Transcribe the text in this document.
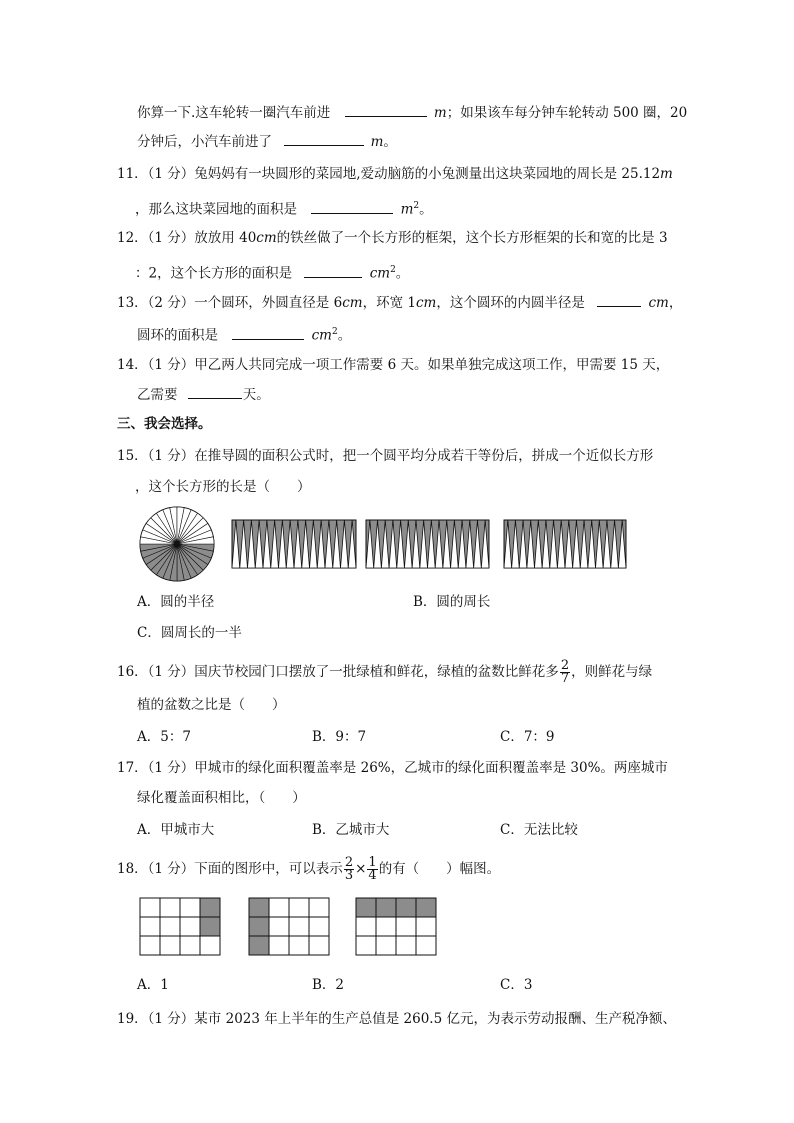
你算一下.这车轮转一圈汽车前进	m；如果该车每分钟车轮转动 500 圈，20
分钟后，小汽车前进了	m。
11．（1 分）兔妈妈有一块圆形的菜园地,爱动脑筋的小兔测量出这块菜园地的周长是 25.12m
，那么这块菜园地的面积是	$m^2$。
12．（1 分）放放用 40cm的铁丝做了一个长方形的框架，这个长方形框架的长和宽的比是 3
：2，这个长方形的面积是	$cm^2$。
13．（2 分）一个圆环，外圆直径是 6cm，环宽 1cm，这个圆环的内圆半径是	cm，
圆环的面积是	$cm^2$。
14．（1 分）甲乙两人共同完成一项工作需要 6 天。如果单独完成这项工作，甲需要 15 天，
乙需要	天。
三、我会选择。
15．（1 分）在推导圆的面积公式时，把一个圆平均分成若干等份后，拼成一个近似长方形
，这个长方形的长是（　　）
A．圆的半径	B．圆的周长
C．圆周长的一半
16．（1 分）国庆节校园门口摆放了一批绿植和鲜花，绿植的盆数比鲜花多 $\frac{2}{7}$ ，则鲜花与绿
植的盆数之比是（　　）
A．5：7	B．9：7	C．7：9
17．（1 分）甲城市的绿化面积覆盖率是 26%，乙城市的绿化面积覆盖率是 30%。两座城市
绿化覆盖面积相比，（　　）
A．甲城市大	B．乙城市大	C．无法比较
18．（1 分）下面的图形中，可以表示 $\frac{2}{3} \times \frac{1}{4}$ 的有（　　）幅图。
A．1	B．2	C．3
19．（1 分）某市 2023 年上半年的生产总值是 260.5 亿元，为表示劳动报酬、生产税净额、
